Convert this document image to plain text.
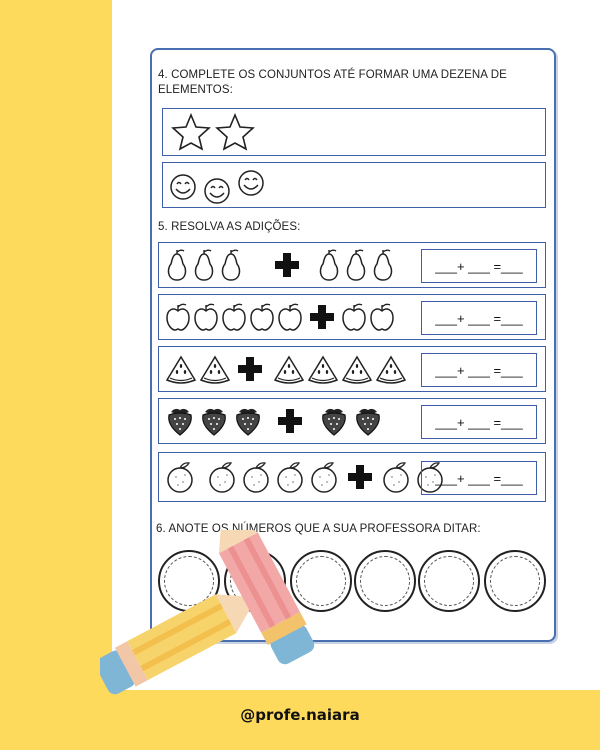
@profe.naiara
4. COMPLETE OS CONJUNTOS ATÉ FORMAR UMA DEZENA DE ELEMENTOS:
5. RESOLVA AS ADIÇÕES:
___+ ___ =___
___+ ___ =___
___+ ___ =___
___+ ___ =___
___+ ___ =___
6. ANOTE OS NÚMEROS QUE A SUA PROFESSORA DITAR:
